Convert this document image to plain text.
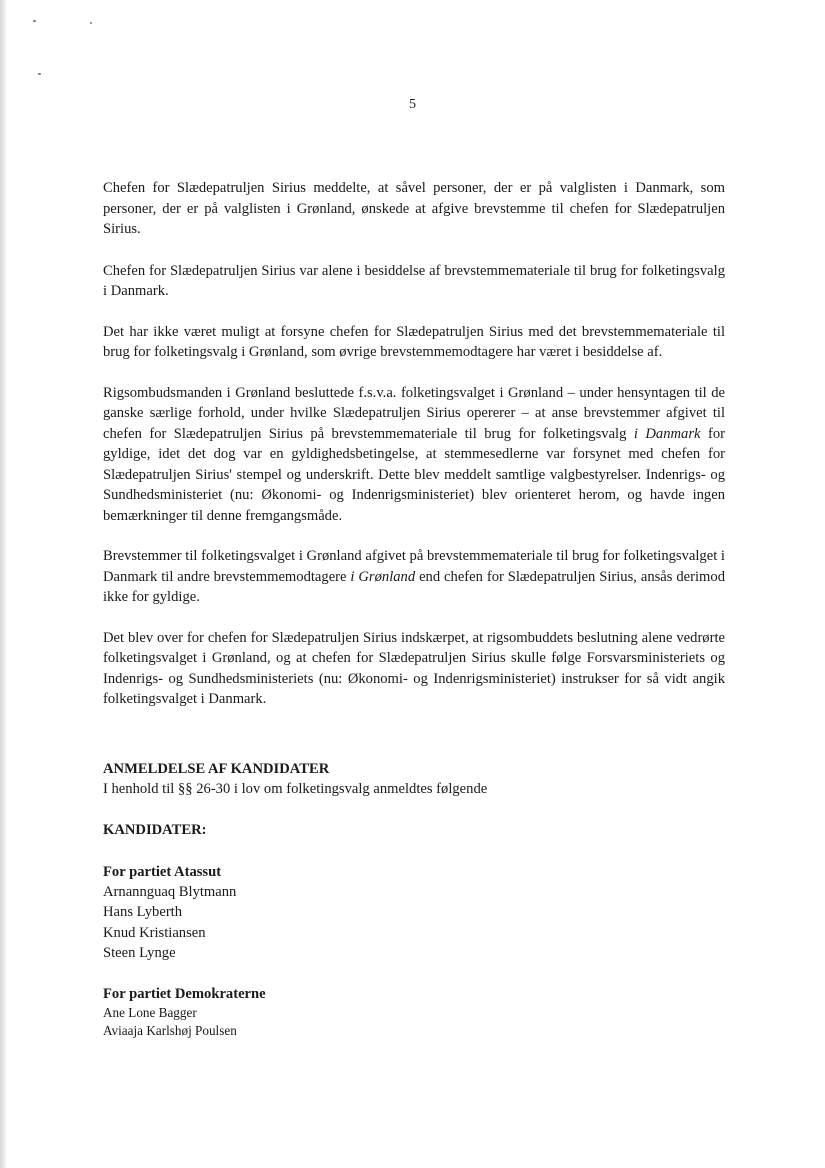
5

Chefen for Slædepatruljen Sirius meddelte, at såvel personer, der er på valglisten i Danmark, som personer, der er på valglisten i Grønland, ønskede at afgive brevstemme til chefen for Slædepatruljen Sirius.

Chefen for Slædepatruljen Sirius var alene i besiddelse af brevstemmemateriale til brug for folketingsvalg i Danmark.

Det har ikke været muligt at forsyne chefen for Slædepatruljen Sirius med det brevstemmemateriale til brug for folketingsvalg i Grønland, som øvrige brevstemmemodtagere har været i besiddelse af.

Rigsombudsmanden i Grønland besluttede f.s.v.a. folketingsvalget i Grønland – under hensyntagen til de ganske særlige forhold, under hvilke Slædepatruljen Sirius opererer – at anse brevstemmer afgivet til chefen for Slædepatruljen Sirius på brevstemmemateriale til brug for folketingsvalg i Danmark for gyldige, idet det dog var en gyldighedsbetingelse, at stemmesedlerne var forsynet med chefen for Slædepatruljen Sirius' stempel og underskrift. Dette blev meddelt samtlige valgbestyrelser. Indenrigs- og Sundhedsministeriet (nu: Økonomi- og Indenrigsministeriet) blev orienteret herom, og havde ingen bemærkninger til denne fremgangsmåde.

Brevstemmer til folketingsvalget i Grønland afgivet på brevstemmemateriale til brug for folketingsvalget i Danmark til andre brevstemmemodtagere i Grønland end chefen for Slædepatruljen Sirius, ansås derimod ikke for gyldige.

Det blev over for chefen for Slædepatruljen Sirius indskærpet, at rigsombuddets beslutning alene vedrørte folketingsvalget i Grønland, og at chefen for Slædepatruljen Sirius skulle følge Forsvarsministeriets og Indenrigs- og Sundhedsministeriets (nu: Økonomi- og Indenrigsministeriet) instrukser for så vidt angik folketingsvalget i Danmark.

ANMELDELSE AF KANDIDATER

I henhold til §§ 26-30 i lov om folketingsvalg anmeldtes følgende

KANDIDATER:

For partiet Atassut

Arnannguaq Blytmann

Hans Lyberth

Knud Kristiansen

Steen Lynge

For partiet Demokraterne

Ane Lone Bagger

Aviaaja Karlshøj Poulsen
